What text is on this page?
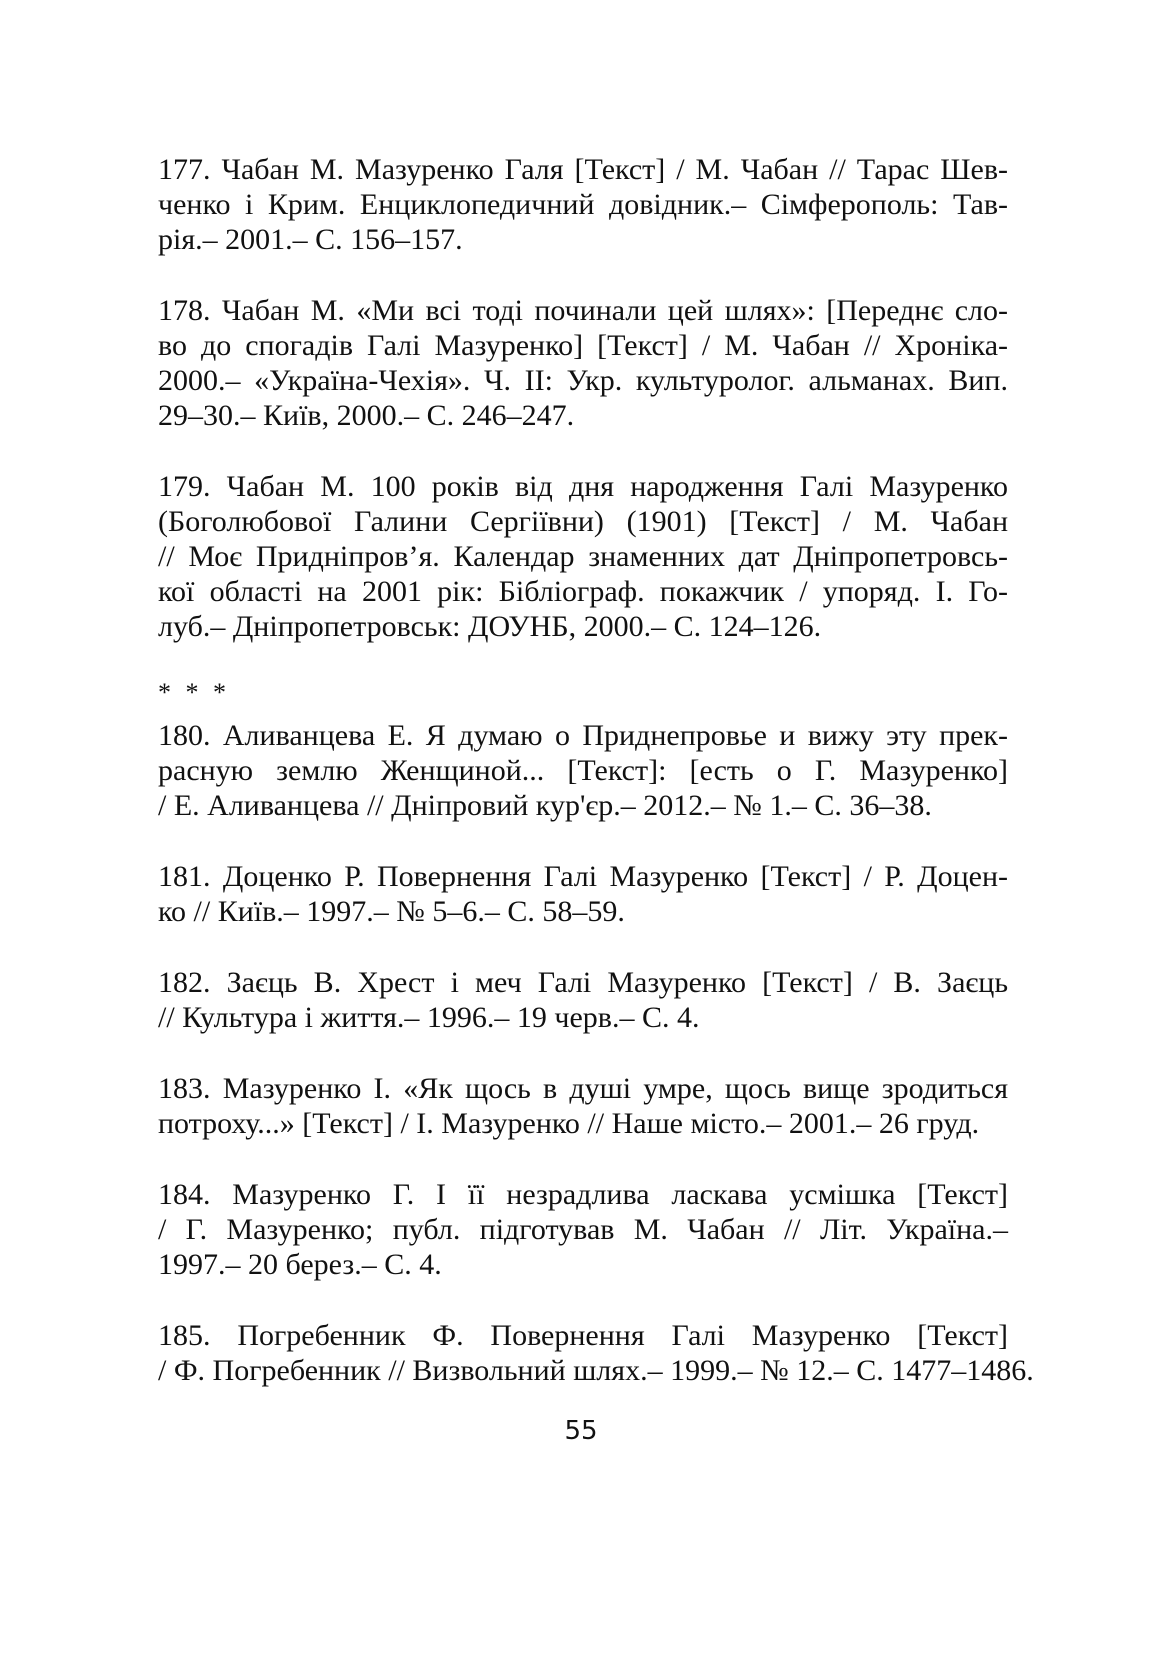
177. Чабан М. Мазуренко Галя [Текст] / М. Чабан // Тарас Шев-
ченко і Крим. Енциклопедичний довідник.– Сімферополь: Тав-
рія.– 2001.– С. 156–157.
178. Чабан М. «Ми всі тоді починали цей шлях»: [Переднє сло-
во до спогадів Галі Мазуренко] [Текст] / М. Чабан // Хроніка-
2000.– «Україна-Чехія». Ч. ІІ: Укр. культуролог. альманах. Вип.
29–30.– Київ, 2000.– С. 246–247.
179. Чабан М. 100 років від дня народження Галі Мазуренко
(Боголюбової Галини Сергіївни) (1901) [Текст] / М. Чабан
// Моє Придніпров’я. Календар знаменних дат Дніпропетровсь-
кої області на 2001 рік: Бібліограф. покажчик / упоряд. І. Го-
луб.– Дніпропетровськ: ДОУНБ, 2000.– С. 124–126.
* * *
180. Аливанцева Е. Я думаю о Приднепровье и вижу эту прек-
расную землю Женщиной... [Текст]: [есть о Г. Мазуренко]
/ Е. Аливанцева // Дніпровий кур'єр.– 2012.– № 1.– С. 36–38.
181. Доценко Р. Повернення Галі Мазуренко [Текст] / Р. Доцен-
ко // Київ.– 1997.– № 5–6.– С. 58–59.
182. Заєць В. Хрест і меч Галі Мазуренко [Текст] / В. Заєць
// Культура і життя.– 1996.– 19 черв.– С. 4.
183. Мазуренко І. «Як щось в душі умре, щось вище зродиться
потроху...» [Текст] / І. Мазуренко // Наше місто.– 2001.– 26 груд.
184. Мазуренко Г. І її незрадлива ласкава усмішка [Текст]
/ Г. Мазуренко; публ. підготував М. Чабан // Літ. Україна.–
1997.– 20 берез.– С. 4.
185. Погребенник Ф. Повернення Галі Мазуренко [Текст]
/ Ф. Погребенник // Визвольний шлях.– 1999.– № 12.– С. 1477–1486.
55
